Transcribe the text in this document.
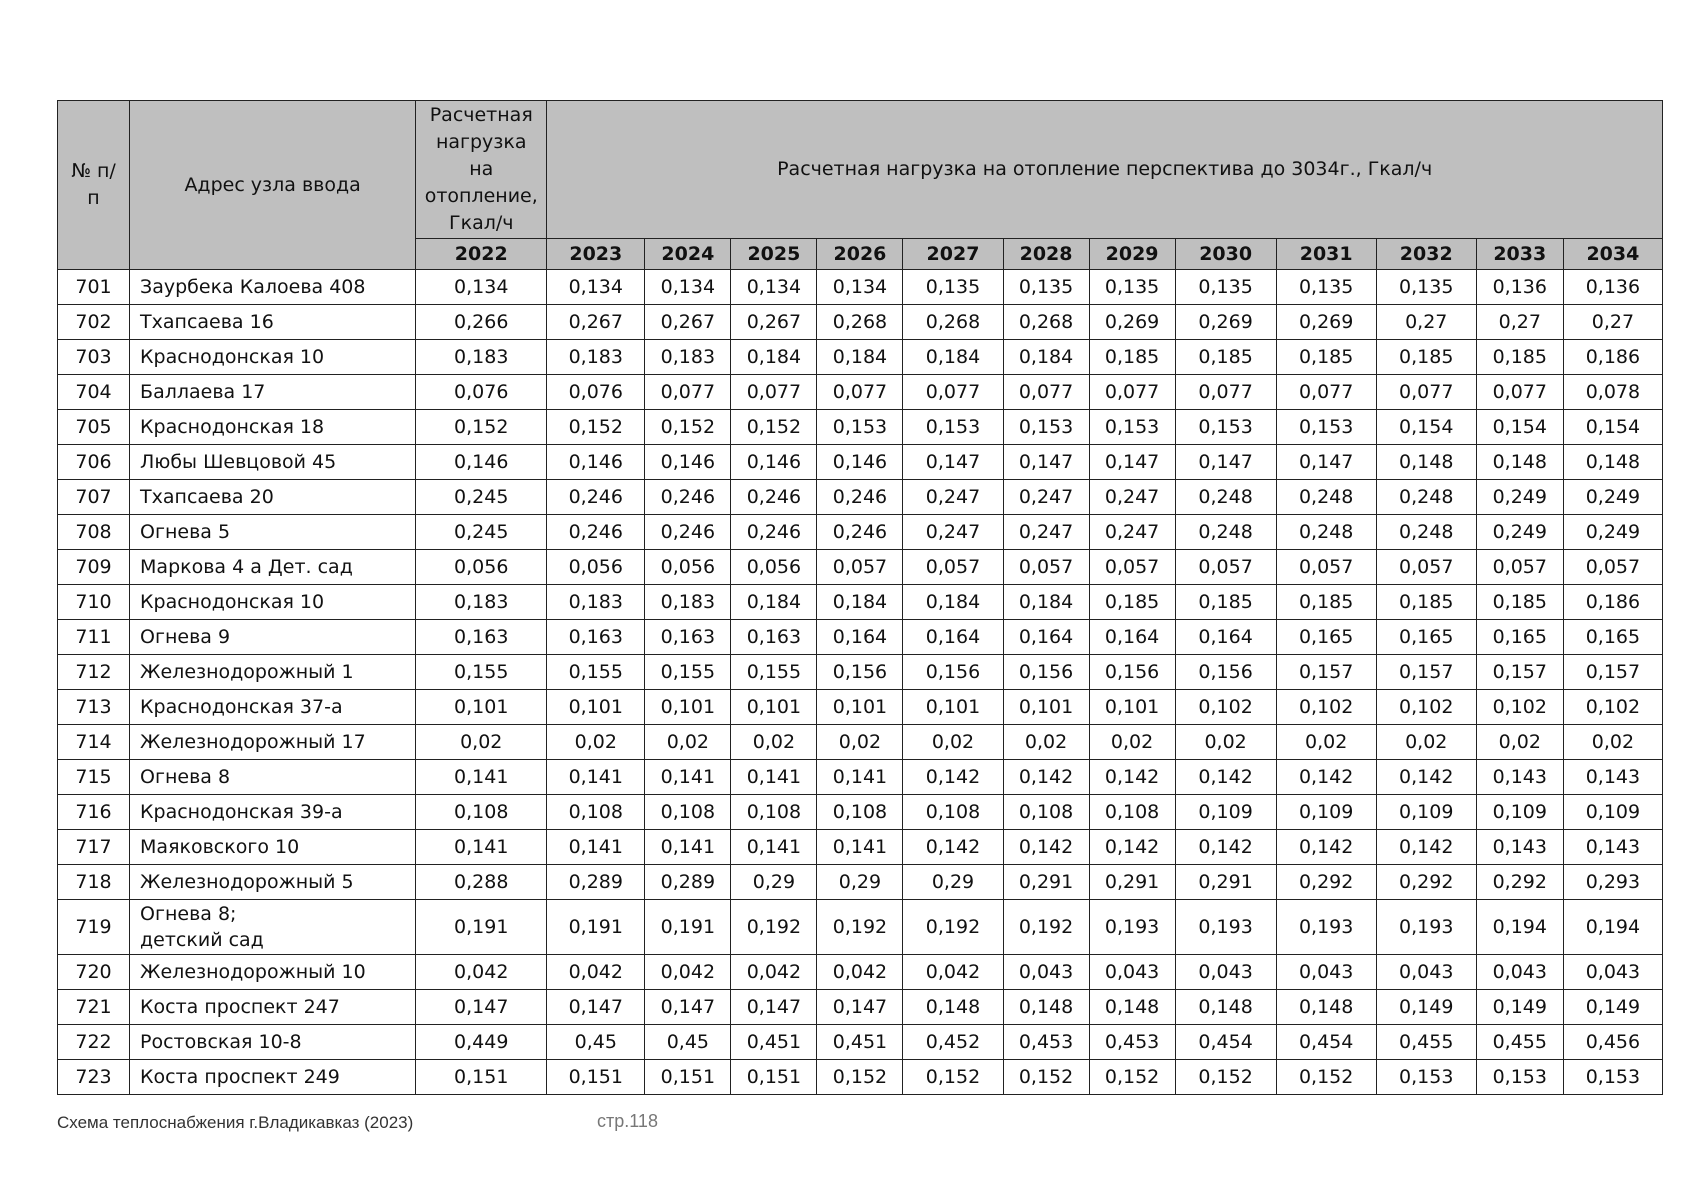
№ п/п	Адрес узла ввода	Расчетная нагрузка на отопление, Гкал/ч	Расчетная нагрузка на отопление перспектива до 3034г., Гкал/ч											
		2022	2023	2024	2025	2026	2027	2028	2029	2030	2031	2032	2033	2034
701	Заурбека Калоева 408	0,134	0,134	0,134	0,134	0,134	0,135	0,135	0,135	0,135	0,135	0,135	0,136	0,136
702	Тхапсаева 16	0,266	0,267	0,267	0,267	0,268	0,268	0,268	0,269	0,269	0,269	0,27	0,27	0,27
703	Краснодонская 10	0,183	0,183	0,183	0,184	0,184	0,184	0,184	0,185	0,185	0,185	0,185	0,185	0,186
704	Баллаева 17	0,076	0,076	0,077	0,077	0,077	0,077	0,077	0,077	0,077	0,077	0,077	0,077	0,078
705	Краснодонская 18	0,152	0,152	0,152	0,152	0,153	0,153	0,153	0,153	0,153	0,153	0,154	0,154	0,154
706	Любы Шевцовой 45	0,146	0,146	0,146	0,146	0,146	0,147	0,147	0,147	0,147	0,147	0,148	0,148	0,148
707	Тхапсаева 20	0,245	0,246	0,246	0,246	0,246	0,247	0,247	0,247	0,248	0,248	0,248	0,249	0,249
708	Огнева 5	0,245	0,246	0,246	0,246	0,246	0,247	0,247	0,247	0,248	0,248	0,248	0,249	0,249
709	Маркова 4 а Дет. сад	0,056	0,056	0,056	0,056	0,057	0,057	0,057	0,057	0,057	0,057	0,057	0,057	0,057
710	Краснодонская 10	0,183	0,183	0,183	0,184	0,184	0,184	0,184	0,185	0,185	0,185	0,185	0,185	0,186
711	Огнева 9	0,163	0,163	0,163	0,163	0,164	0,164	0,164	0,164	0,164	0,165	0,165	0,165	0,165
712	Железнодорожный 1	0,155	0,155	0,155	0,155	0,156	0,156	0,156	0,156	0,156	0,157	0,157	0,157	0,157
713	Краснодонская 37-а	0,101	0,101	0,101	0,101	0,101	0,101	0,101	0,101	0,102	0,102	0,102	0,102	0,102
714	Железнодорожный 17	0,02	0,02	0,02	0,02	0,02	0,02	0,02	0,02	0,02	0,02	0,02	0,02	0,02
715	Огнева 8	0,141	0,141	0,141	0,141	0,141	0,142	0,142	0,142	0,142	0,142	0,142	0,143	0,143
716	Краснодонская 39-а	0,108	0,108	0,108	0,108	0,108	0,108	0,108	0,108	0,109	0,109	0,109	0,109	0,109
717	Маяковского 10	0,141	0,141	0,141	0,141	0,141	0,142	0,142	0,142	0,142	0,142	0,142	0,143	0,143
718	Железнодорожный 5	0,288	0,289	0,289	0,29	0,29	0,29	0,291	0,291	0,291	0,292	0,292	0,292	0,293
719	Огнева 8;
детский сад	0,191	0,191	0,191	0,192	0,192	0,192	0,192	0,193	0,193	0,193	0,193	0,194	0,194
720	Железнодорожный 10	0,042	0,042	0,042	0,042	0,042	0,042	0,043	0,043	0,043	0,043	0,043	0,043	0,043
721	Коста проспект 247	0,147	0,147	0,147	0,147	0,147	0,148	0,148	0,148	0,148	0,148	0,149	0,149	0,149
722	Ростовская 10-8	0,449	0,45	0,45	0,451	0,451	0,452	0,453	0,453	0,454	0,454	0,455	0,455	0,456
723	Коста проспект 249	0,151	0,151	0,151	0,151	0,152	0,152	0,152	0,152	0,152	0,152	0,153	0,153	0,153
Схема теплоснабжения г.Владикавказ (2023)	стр.118
